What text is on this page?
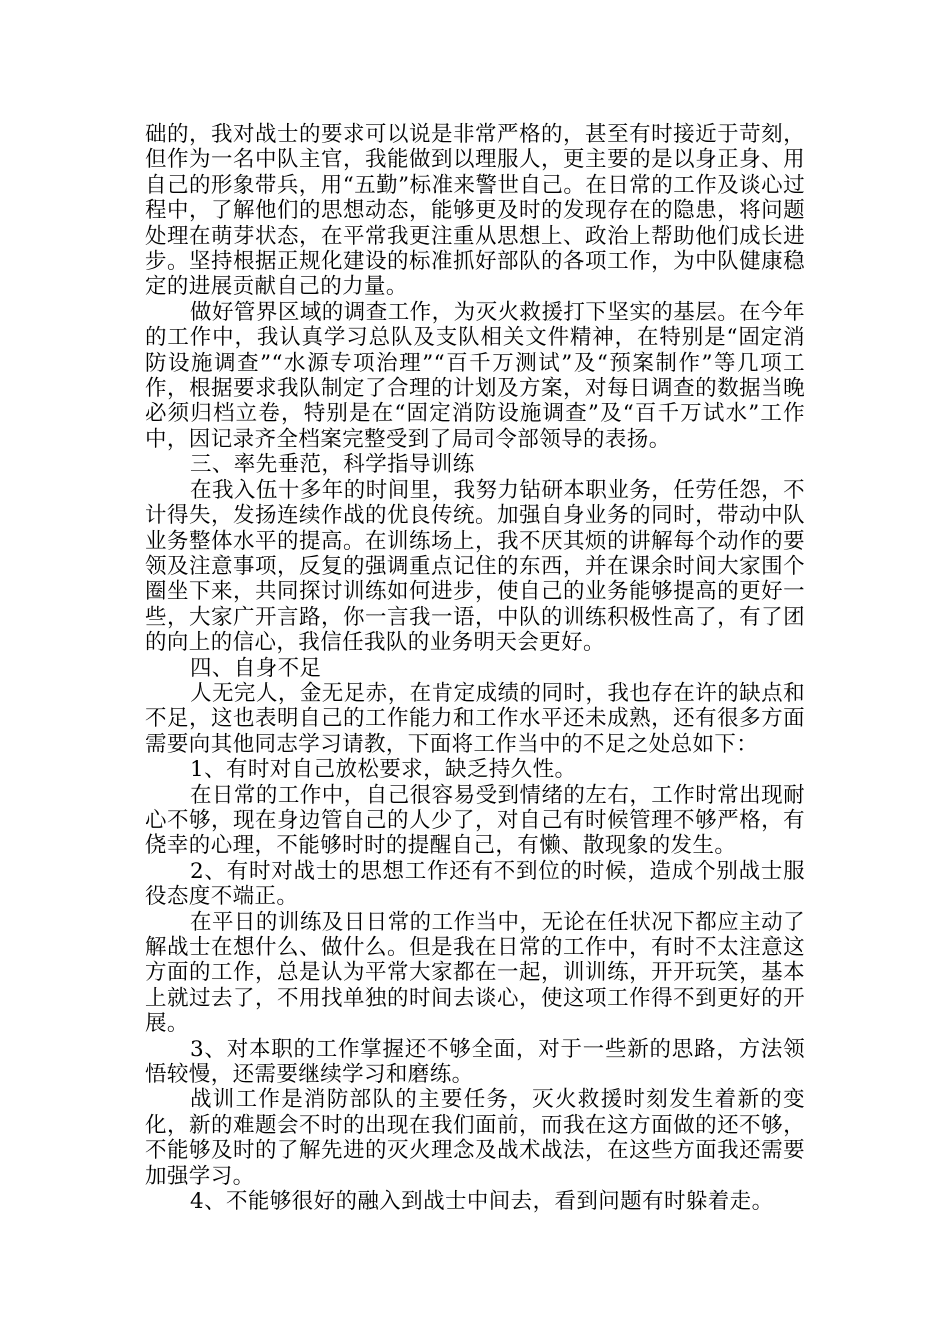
础的，我对战士的要求可以说是非常严格的，甚至有时接近于苛刻，但作为一名中队主官，我能做到以理服人，更主要的是以身正身、用自己的形象带兵，用“五勤”标准来警世自己。在日常的工作及谈心过程中，了解他们的思想动态，能够更及时的发现存在的隐患，将问题处理在萌芽状态，在平常我更注重从思想上、政治上帮助他们成长进步。坚持根据正规化建设的标准抓好部队的各项工作，为中队健康稳定的进展贡献自己的力量。

做好管界区域的调查工作，为灭火救援打下坚实的基层。在今年的工作中，我认真学习总队及支队相关文件精神，在特别是“固定消防设施调查”“水源专项治理”“百千万测试”及“预案制作”等几项工作，根据要求我队制定了合理的计划及方案，对每日调查的数据当晚必须归档立卷，特别是在“固定消防设施调查”及“百千万试水”工作中，因记录齐全档案完整受到了局司令部领导的表扬。

三、率先垂范，科学指导训练

在我入伍十多年的时间里，我努力钻研本职业务，任劳任怨，不计得失，发扬连续作战的优良传统。加强自身业务的同时，带动中队业务整体水平的提高。在训练场上，我不厌其烦的讲解每个动作的要领及注意事项，反复的强调重点记住的东西，并在课余时间大家围个圈坐下来，共同探讨训练如何进步，使自己的业务能够提高的更好一些，大家广开言路，你一言我一语，中队的训练积极性高了，有了团的向上的信心，我信任我队的业务明天会更好。

四、自身不足

人无完人，金无足赤，在肯定成绩的同时，我也存在许的缺点和不足，这也表明自己的工作能力和工作水平还未成熟，还有很多方面需要向其他同志学习请教，下面将工作当中的不足之处总如下：

1、有时对自己放松要求，缺乏持久性。

在日常的工作中，自己很容易受到情绪的左右，工作时常出现耐心不够，现在身边管自己的人少了，对自己有时候管理不够严格，有侥幸的心理，不能够时时的提醒自己，有懒、散现象的发生。

2、有时对战士的思想工作还有不到位的时候，造成个别战士服役态度不端正。

在平日的训练及日日常的工作当中，无论在任状况下都应主动了解战士在想什么、做什么。但是我在日常的工作中，有时不太注意这方面的工作，总是认为平常大家都在一起，训训练，开开玩笑，基本上就过去了，不用找单独的时间去谈心，使这项工作得不到更好的开展。

3、对本职的工作掌握还不够全面，对于一些新的思路，方法领悟较慢，还需要继续学习和磨练。

战训工作是消防部队的主要任务，灭火救援时刻发生着新的变化，新的难题会不时的出现在我们面前，而我在这方面做的还不够，不能够及时的了解先进的灭火理念及战术战法，在这些方面我还需要加强学习。

4、不能够很好的融入到战士中间去，看到问题有时躲着走。
